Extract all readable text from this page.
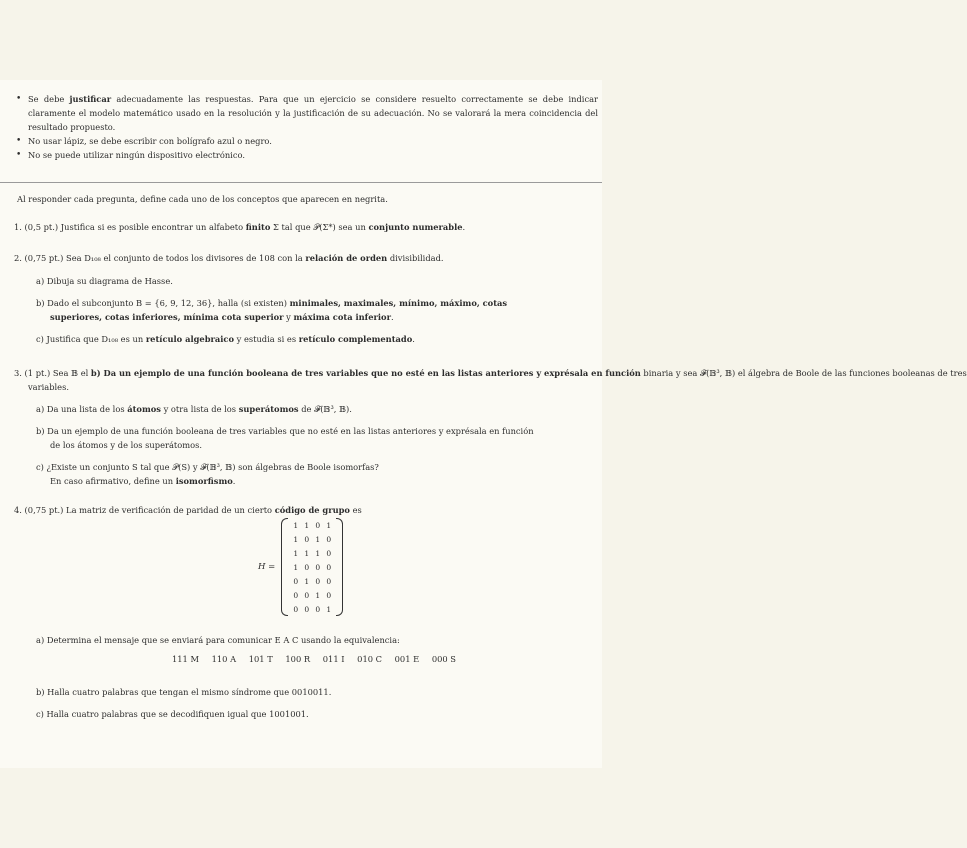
• Se debe justificar adecuadamente las respuestas. Para que un ejercicio se considere resuelto correctamente se debe indicar claramente el modelo matemático usado en la resolución y la justificación de su adecuación. No se valorará la mera coincidencia del resultado propuesto.
• No usar lápiz, se debe escribir con bolígrafo azul o negro.
• No se puede utilizar ningún dispositivo electrónico.
Al responder cada pregunta, define cada uno de los conceptos que aparecen en negrita.
1. (0,5 pt.) Justifica si es posible encontrar un alfabeto finito Σ tal que 𝒫(Σ*) sea un conjunto numerable.
2. (0,75 pt.) Sea D₁₀₈ el conjunto de todos los divisores de 108 con la relación de orden divisibilidad.
a) Dibuja su diagrama de Hasse.
b) Dado el subconjunto B = {6, 9, 12, 36}, halla (si existen) minimales, maximales, mínimo, máximo, cotas
superiores, cotas inferiores, mínima cota superior y máxima cota inferior.
c) Justifica que D₁₀₈ es un retículo algebraico y estudia si es retículo complementado.
3. (1 pt.) Sea 𝔹 el b) Da un ejemplo de una función booleana de tres variables que no esté en las listas anteriores y exprésala en función binaria y sea 𝓕(𝔹³, 𝔹) el álgebra de Boole de las funciones booleanas de tres
variables.
a) Da una lista de los átomos y otra lista de los superátomos de 𝓕(𝔹³, 𝔹).
b) Da un ejemplo de una función booleana de tres variables que no esté en las listas anteriores y exprésala en función
de los átomos y de los superátomos.
c) ¿Existe un conjunto S tal que 𝒫(S) y 𝓕(𝔹³, 𝔹) son álgebras de Boole isomorfas?
En caso afirmativo, define un isomorfismo.
4. (0,75 pt.) La matriz de verificación de paridad de un cierto código de grupo es
H =
1 1 0 1
1 0 1 0
1 1 1 0
1 0 0 0
0 1 0 0
0 0 1 0
0 0 0 1
a) Determina el mensaje que se enviará para comunicar E A C usando la equivalencia:
b) Halla cuatro palabras que tengan el mismo síndrome que 0010011.
c) Halla cuatro palabras que se decodifiquen igual que 1001001.
111 M 110 A 101 T 100 R 011 I 010 C 001 E 000 S
